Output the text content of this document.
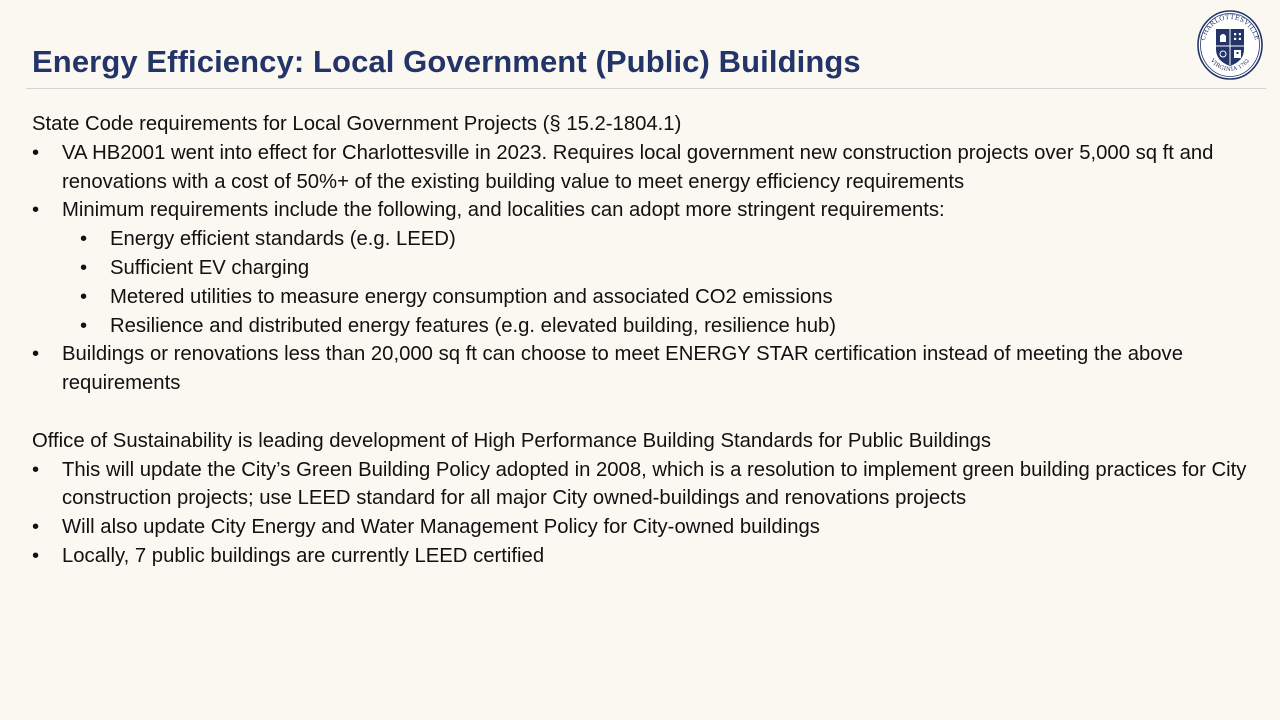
Energy Efficiency: Local Government (Public) Buildings
CHARLOTTESVILLE
VIRGINIA 1762
State Code requirements for Local Government Projects (§ 15.2-1804.1)
• VA HB2001 went into effect for Charlottesville in 2023. Requires local government new construction projects over 5,000 sq ft and renovations with a cost of 50%+ of the existing building value to meet energy efficiency requirements
• Minimum requirements include the following, and localities can adopt more stringent requirements:
• Energy efficient standards (e.g. LEED)
• Sufficient EV charging
• Metered utilities to measure energy consumption and associated CO2 emissions
• Resilience and distributed energy features (e.g. elevated building, resilience hub)
• Buildings or renovations less than 20,000 sq ft can choose to meet ENERGY STAR certification instead of meeting the above requirements
Office of Sustainability is leading development of High Performance Building Standards for Public Buildings
• This will update the City’s Green Building Policy adopted in 2008, which is a resolution to implement green building practices for City construction projects; use LEED standard for all major City owned-buildings and renovations projects
• Will also update City Energy and Water Management Policy for City-owned buildings
• Locally, 7 public buildings are currently LEED certified
